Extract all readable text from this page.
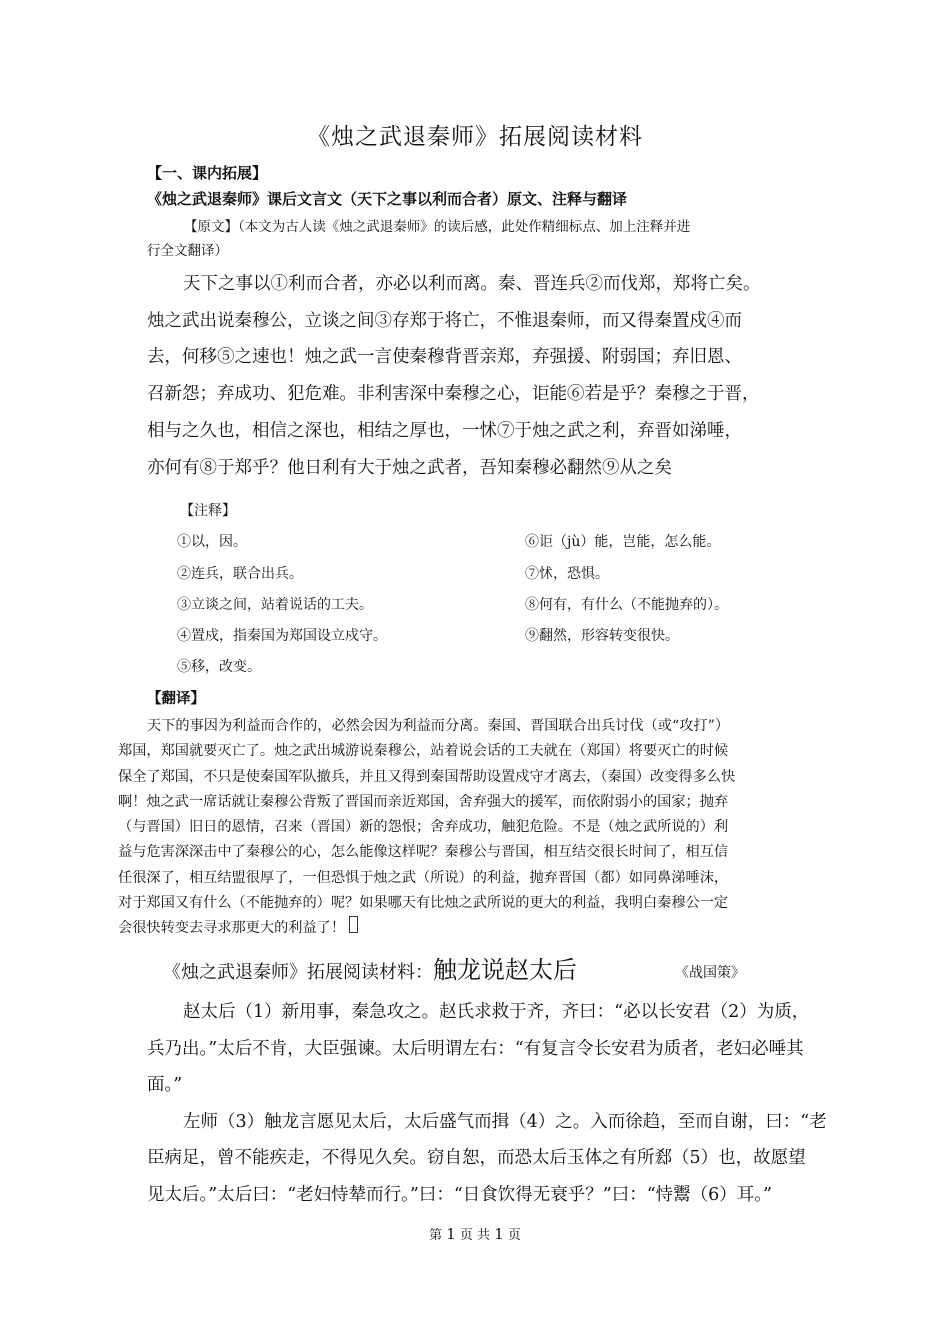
《烛之武退秦师》拓展阅读材料
【一、课内拓展】
《烛之武退秦师》课后文言文（天下之事以利而合者）原文、注释与翻译
【原文】（本文为古人读《烛之武退秦师》的读后感，此处作精细标点、加上注释并进
行全文翻译）
天下之事以①利而合者，亦必以利而离。秦、晋连兵②而伐郑，郑将亡矣。
烛之武出说秦穆公，立谈之间③存郑于将亡，不惟退秦师，而又得秦置戍④而
去，何移⑤之速也！烛之武一言使秦穆背晋亲郑，弃强援、附弱国；弃旧恩、
召新怨；弃成功、犯危难。非利害深中秦穆之心，讵能⑥若是乎？秦穆之于晋，
相与之久也，相信之深也，相结之厚也，一怵⑦于烛之武之利，弃晋如涕唾，
亦何有⑧于郑乎？他日利有大于烛之武者，吾知秦穆必翻然⑨从之矣
【注释】
①以，因。
②连兵，联合出兵。
③立谈之间，站着说话的工夫。
④置戍，指秦国为郑国设立戍守。
⑤移，改变。
⑥讵（jù）能，岂能，怎么能。
⑦怵，恐惧。
⑧何有，有什么（不能抛弃的）。
⑨翻然，形容转变很快。
【翻译】
天下的事因为利益而合作的，必然会因为利益而分离。秦国、晋国联合出兵讨伐（或“攻打”）
郑国，郑国就要灭亡了。烛之武出城游说秦穆公，站着说会话的工夫就在（郑国）将要灭亡的时候
保全了郑国，不只是使秦国军队撤兵，并且又得到秦国帮助设置戍守才离去，（秦国）改变得多么快
啊！烛之武一席话就让秦穆公背叛了晋国而亲近郑国，舍弃强大的援军，而依附弱小的国家；抛弃
（与晋国）旧日的恩情，召来（晋国）新的怨恨；舍弃成功，触犯危险。不是（烛之武所说的）利
益与危害深深击中了秦穆公的心，怎么能像这样呢？秦穆公与晋国，相互结交很长时间了，相互信
任很深了，相互结盟很厚了，一但恐惧于烛之武（所说）的利益，抛弃晋国（都）如同鼻涕唾沫，
对于郑国又有什么（不能抛弃的）呢？如果哪天有比烛之武所说的更大的利益，我明白秦穆公一定
会很快转变去寻求那更大的利益了！
《烛之武退秦师》拓展阅读材料：触龙说赵太后	《战国策》
赵太后（1）新用事，秦急攻之。赵氏求救于齐，齐曰：“必以长安君（2）为质，
兵乃出。”太后不肯，大臣强谏。太后明谓左右：“有复言令长安君为质者，老妇必唾其
面。”
左师（3）触龙言愿见太后，太后盛气而揖（4）之。入而徐趋，至而自谢，曰：“老
臣病足，曾不能疾走，不得见久矣。窃自恕，而恐太后玉体之有所郄（5）也，故愿望
见太后。”太后曰：“老妇恃辇而行。”曰：“日食饮得无衰乎？”曰：“恃鬻（6）耳。”
第 1 页 共 1 页
